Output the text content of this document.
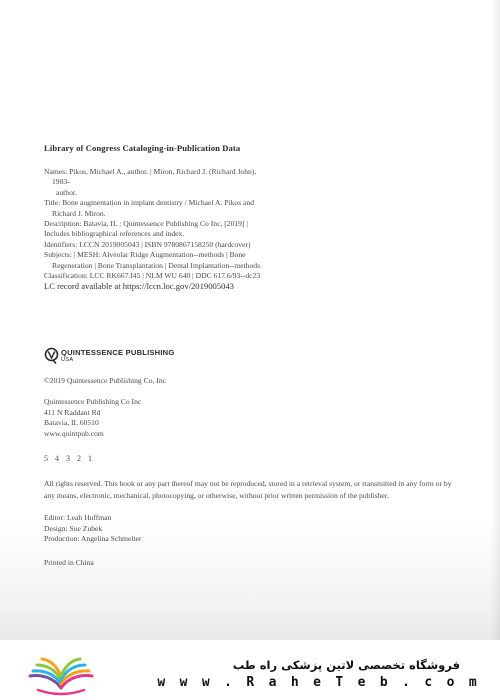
Library of Congress Cataloging-in-Publication Data
Names: Pikos, Michael A., author. | Miron, Richard J. (Richard John),
1983-
author.
Title: Bone augmentation in implant dentistry / Michael A. Pikos and
Richard J. Miron.
Description: Batavia, IL : Quintessence Publishing Co Inc, [2019] |
Includes bibliographical references and index.
Identifiers: LCCN 2019005043 | ISBN 9780867158250 (hardcover)
Subjects: | MESH: Alveolar Ridge Augmentation--methods | Bone
Regeneration | Bone Transplantation | Dental Implantation--methods
Classification: LCC RK667.I45 | NLM WU 640 | DDC 617.6/93--dc23
LC record available at https://lccn.loc.gov/2019005043
QUINTESSENCE PUBLISHING
USA
©2019 Quintessence Publishing Co, Inc
Quintessence Publishing Co Inc
411 N Raddant Rd
Batavia, IL 60510
www.quintpub.com
5 4 3 2 1
All rights reserved. This book or any part thereof may not be reproduced, stored in a retrieval system, or transmitted in any form or by any means, electronic, mechanical, photocopying, or otherwise, without prior written permission of the publisher.
Editor: Leah Huffman
Design: Sue Zubek
Production: Angelina Schmelter
Printed in China
فروشگاه تخصصی لاتین پزشکی راه طب
w w w . R a h e T e b . c o m
